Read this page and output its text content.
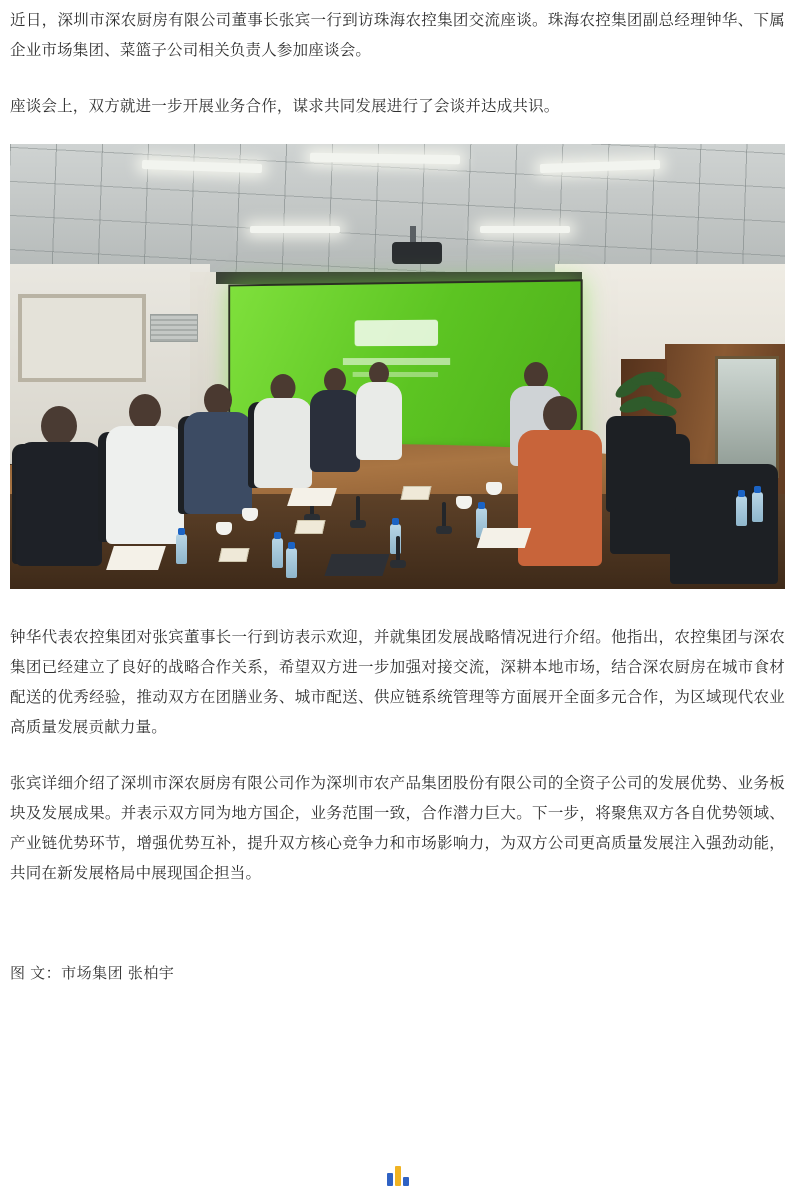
近日，深圳市深农厨房有限公司董事长张宾一行到访珠海农控集团交流座谈。珠海农控集团副总经理钟华、下属企业市场集团、菜篮子公司相关负责人参加座谈会。

座谈会上，双方就进一步开展业务合作，谋求共同发展进行了会谈并达成共识。

钟华代表农控集团对张宾董事长一行到访表示欢迎，并就集团发展战略情况进行介绍。他指出，农控集团与深农集团已经建立了良好的战略合作关系，希望双方进一步加强对接交流，深耕本地市场，结合深农厨房在城市食材配送的优秀经验，推动双方在团膳业务、城市配送、供应链系统管理等方面展开全面多元合作，为区域现代农业高质量发展贡献力量。

张宾详细介绍了深圳市深农厨房有限公司作为深圳市农产品集团股份有限公司的全资子公司的发展优势、业务板块及发展成果。并表示双方同为地方国企，业务范围一致，合作潜力巨大。下一步，将聚焦双方各自优势领域、产业链优势环节，增强优势互补，提升双方核心竞争力和市场影响力，为双方公司更高质量发展注入强劲动能，共同在新发展格局中展现国企担当。

图 文：市场集团 张柏宇
